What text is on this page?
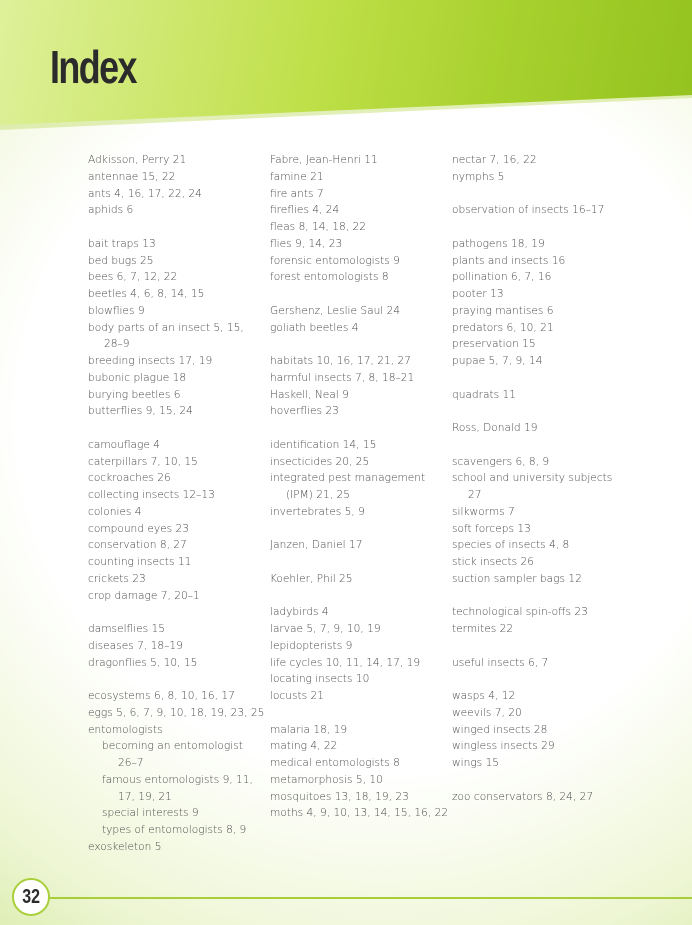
Index
Adkisson, Perry 21
antennae 15, 22
ants 4, 16, 17, 22, 24
aphids 6
bait traps 13
bed bugs 25
bees 6, 7, 12, 22
beetles 4, 6, 8, 14, 15
blowflies 9
body parts of an insect 5, 15,
28–9
breeding insects 17, 19
bubonic plague 18
burying beetles 6
butterflies 9, 15, 24
camouflage 4
caterpillars 7, 10, 15
cockroaches 26
collecting insects 12–13
colonies 4
compound eyes 23
conservation 8, 27
counting insects 11
crickets 23
crop damage 7, 20–1
damselflies 15
diseases 7, 18–19
dragonflies 5, 10, 15
ecosystems 6, 8, 10, 16, 17
eggs 5, 6, 7, 9, 10, 18, 19, 23, 25
entomologists
becoming an entomologist
26–7
famous entomologists 9, 11,
17, 19, 21
special interests 9
types of entomologists 8, 9
exoskeleton 5
Fabre, Jean-Henri 11
famine 21
fire ants 7
fireflies 4, 24
fleas 8, 14, 18, 22
flies 9, 14, 23
forensic entomologists 9
forest entomologists 8
Gershenz, Leslie Saul 24
goliath beetles 4
habitats 10, 16, 17, 21, 27
harmful insects 7, 8, 18–21
Haskell, Neal 9
hoverflies 23
identification 14, 15
insecticides 20, 25
integrated pest management
(IPM) 21, 25
invertebrates 5, 9
Janzen, Daniel 17
Koehler, Phil 25
ladybirds 4
larvae 5, 7, 9, 10, 19
lepidopterists 9
life cycles 10, 11, 14, 17, 19
locating insects 10
locusts 21
malaria 18, 19
mating 4, 22
medical entomologists 8
metamorphosis 5, 10
mosquitoes 13, 18, 19, 23
moths 4, 9, 10, 13, 14, 15, 16, 22
nectar 7, 16, 22
nymphs 5
observation of insects 16–17
pathogens 18, 19
plants and insects 16
pollination 6, 7, 16
pooter 13
praying mantises 6
predators 6, 10, 21
preservation 15
pupae 5, 7, 9, 14
quadrats 11
Ross, Donald 19
scavengers 6, 8, 9
school and university subjects
27
silkworms 7
soft forceps 13
species of insects 4, 8
stick insects 26
suction sampler bags 12
technological spin-offs 23
termites 22
useful insects 6, 7
wasps 4, 12
weevils 7, 20
winged insects 28
wingless insects 29
wings 15
zoo conservators 8, 24, 27
32
